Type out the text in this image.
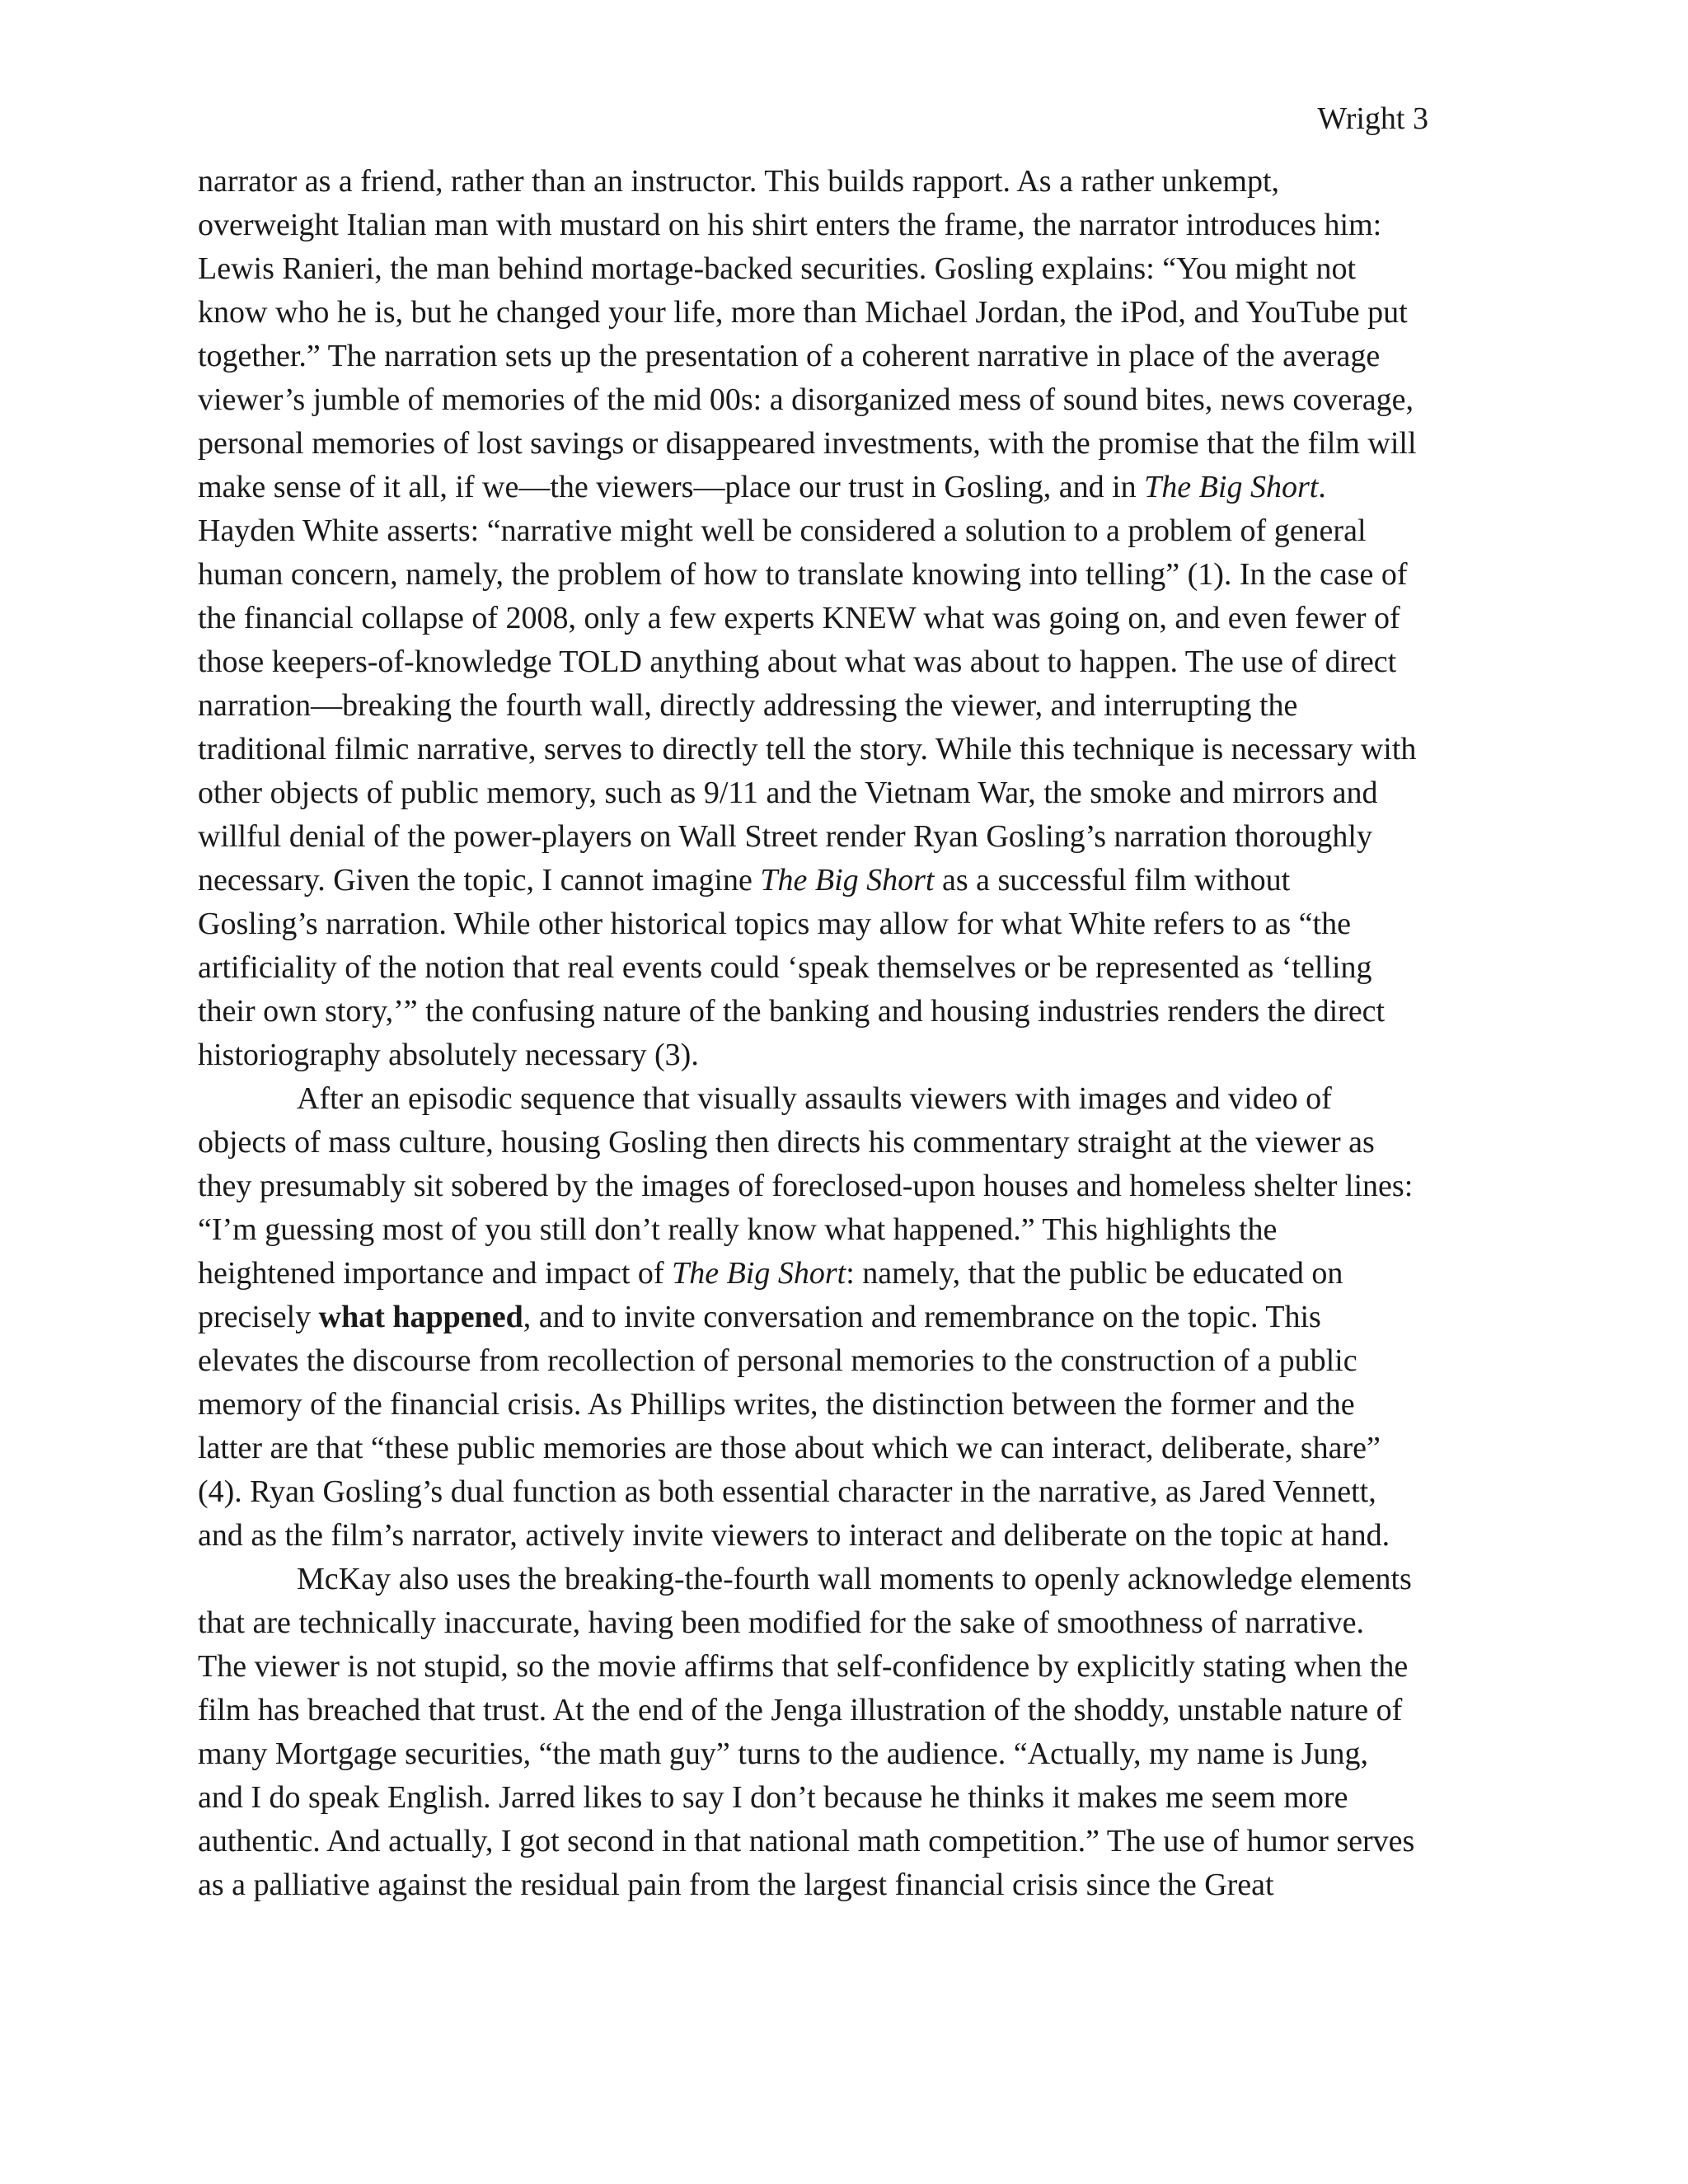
Wright 3
narrator as a friend, rather than an instructor. This builds rapport. As a rather unkempt,
overweight Italian man with mustard on his shirt enters the frame, the narrator introduces him:
Lewis Ranieri, the man behind mortage-backed securities. Gosling explains: “You might not
know who he is, but he changed your life, more than Michael Jordan, the iPod, and YouTube put
together.” The narration sets up the presentation of a coherent narrative in place of the average
viewer’s jumble of memories of the mid 00s: a disorganized mess of sound bites, news coverage,
personal memories of lost savings or disappeared investments, with the promise that the film will
make sense of it all, if we—the viewers—place our trust in Gosling, and in The Big Short.
Hayden White asserts: “narrative might well be considered a solution to a problem of general
human concern, namely, the problem of how to translate knowing into telling” (1). In the case of
the financial collapse of 2008, only a few experts KNEW what was going on, and even fewer of
those keepers-of-knowledge TOLD anything about what was about to happen. The use of direct
narration—breaking the fourth wall, directly addressing the viewer, and interrupting the
traditional filmic narrative, serves to directly tell the story. While this technique is necessary with
other objects of public memory, such as 9/11 and the Vietnam War, the smoke and mirrors and
willful denial of the power-players on Wall Street render Ryan Gosling’s narration thoroughly
necessary. Given the topic, I cannot imagine The Big Short as a successful film without
Gosling’s narration. While other historical topics may allow for what White refers to as “the
artificiality of the notion that real events could ‘speak themselves or be represented as ‘telling
their own story,’” the confusing nature of the banking and housing industries renders the direct
historiography absolutely necessary (3).
After an episodic sequence that visually assaults viewers with images and video of
objects of mass culture, housing Gosling then directs his commentary straight at the viewer as
they presumably sit sobered by the images of foreclosed-upon houses and homeless shelter lines:
“I’m guessing most of you still don’t really know what happened.” This highlights the
heightened importance and impact of The Big Short: namely, that the public be educated on
precisely what happened, and to invite conversation and remembrance on the topic. This
elevates the discourse from recollection of personal memories to the construction of a public
memory of the financial crisis. As Phillips writes, the distinction between the former and the
latter are that “these public memories are those about which we can interact, deliberate, share”
(4). Ryan Gosling’s dual function as both essential character in the narrative, as Jared Vennett,
and as the film’s narrator, actively invite viewers to interact and deliberate on the topic at hand.
McKay also uses the breaking-the-fourth wall moments to openly acknowledge elements
that are technically inaccurate, having been modified for the sake of smoothness of narrative.
The viewer is not stupid, so the movie affirms that self-confidence by explicitly stating when the
film has breached that trust. At the end of the Jenga illustration of the shoddy, unstable nature of
many Mortgage securities, “the math guy” turns to the audience. “Actually, my name is Jung,
and I do speak English. Jarred likes to say I don’t because he thinks it makes me seem more
authentic. And actually, I got second in that national math competition.” The use of humor serves
as a palliative against the residual pain from the largest financial crisis since the Great
